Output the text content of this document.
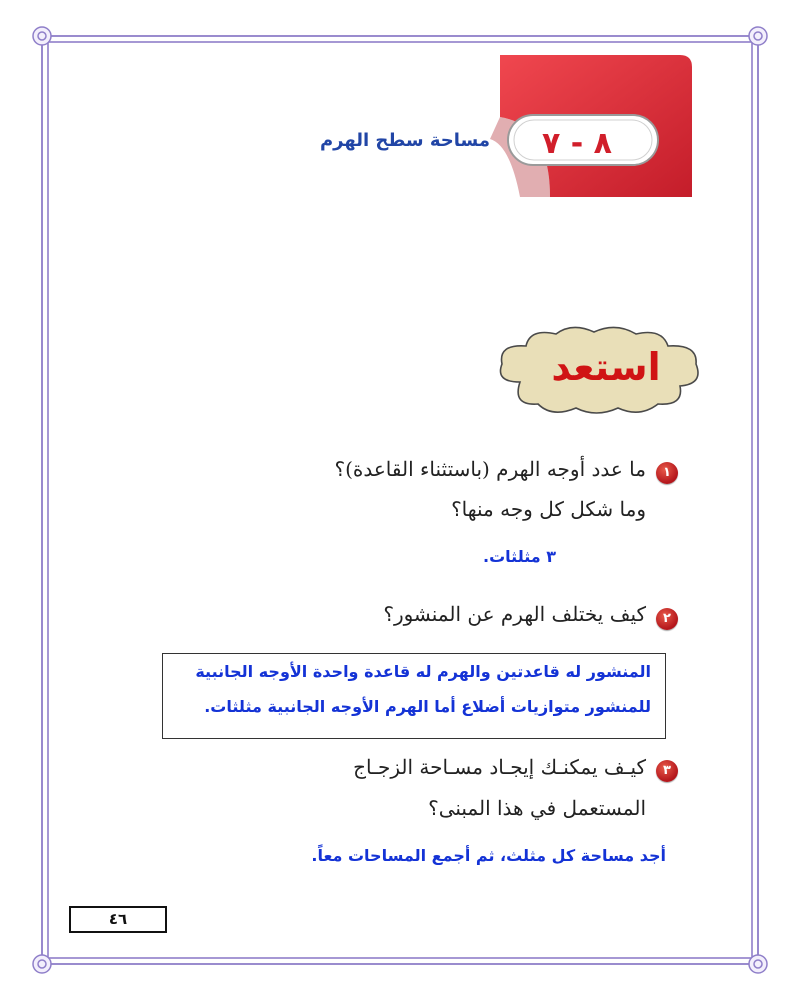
٨ - ٧
مساحة سطح الهرم
استعد
١
ما عدد أوجه الهرم (باستثناء القاعدة)؟
وما شكل كل وجه منها؟
٣ مثلثات.
٢
كيف يختلف الهرم عن المنشور؟
المنشور له قاعدتين والهرم له قاعدة واحدة الأوجه الجانبية
للمنشور متوازيات أضلاع أما الهرم الأوجه الجانبية مثلثات.
٣
كيـف يمكنـك إيجـاد مسـاحة الزجـاج
المستعمل في هذا المبنى؟
أجد مساحة كل مثلث، ثم أجمع المساحات معاً.
٤٦
